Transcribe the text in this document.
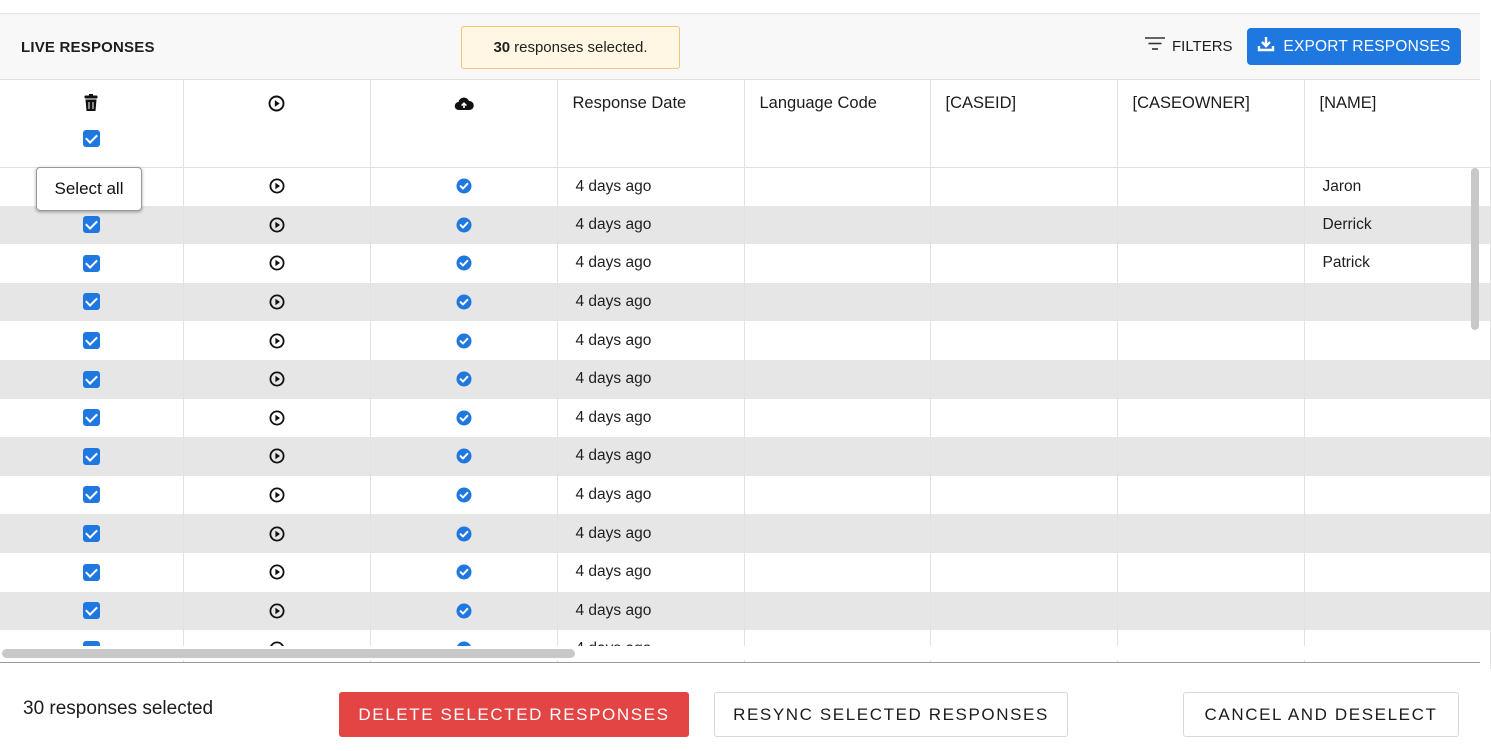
LIVE RESPONSES	30 responses selected.	FILTERS	EXPORT RESPONSES
			Response Date	Language Code	[CASEID]	[CASEOWNER]	[NAME]
			4 days ago				Jaron
			4 days ago				Derrick
			4 days ago				Patrick
			4 days ago				
			4 days ago				
			4 days ago				
			4 days ago				
			4 days ago				
			4 days ago				
			4 days ago				
			4 days ago				
			4 days ago				

Select all
30 responses selected	DELETE SELECTED RESPONSES	RESYNC SELECTED RESPONSES	CANCEL AND DESELECT
